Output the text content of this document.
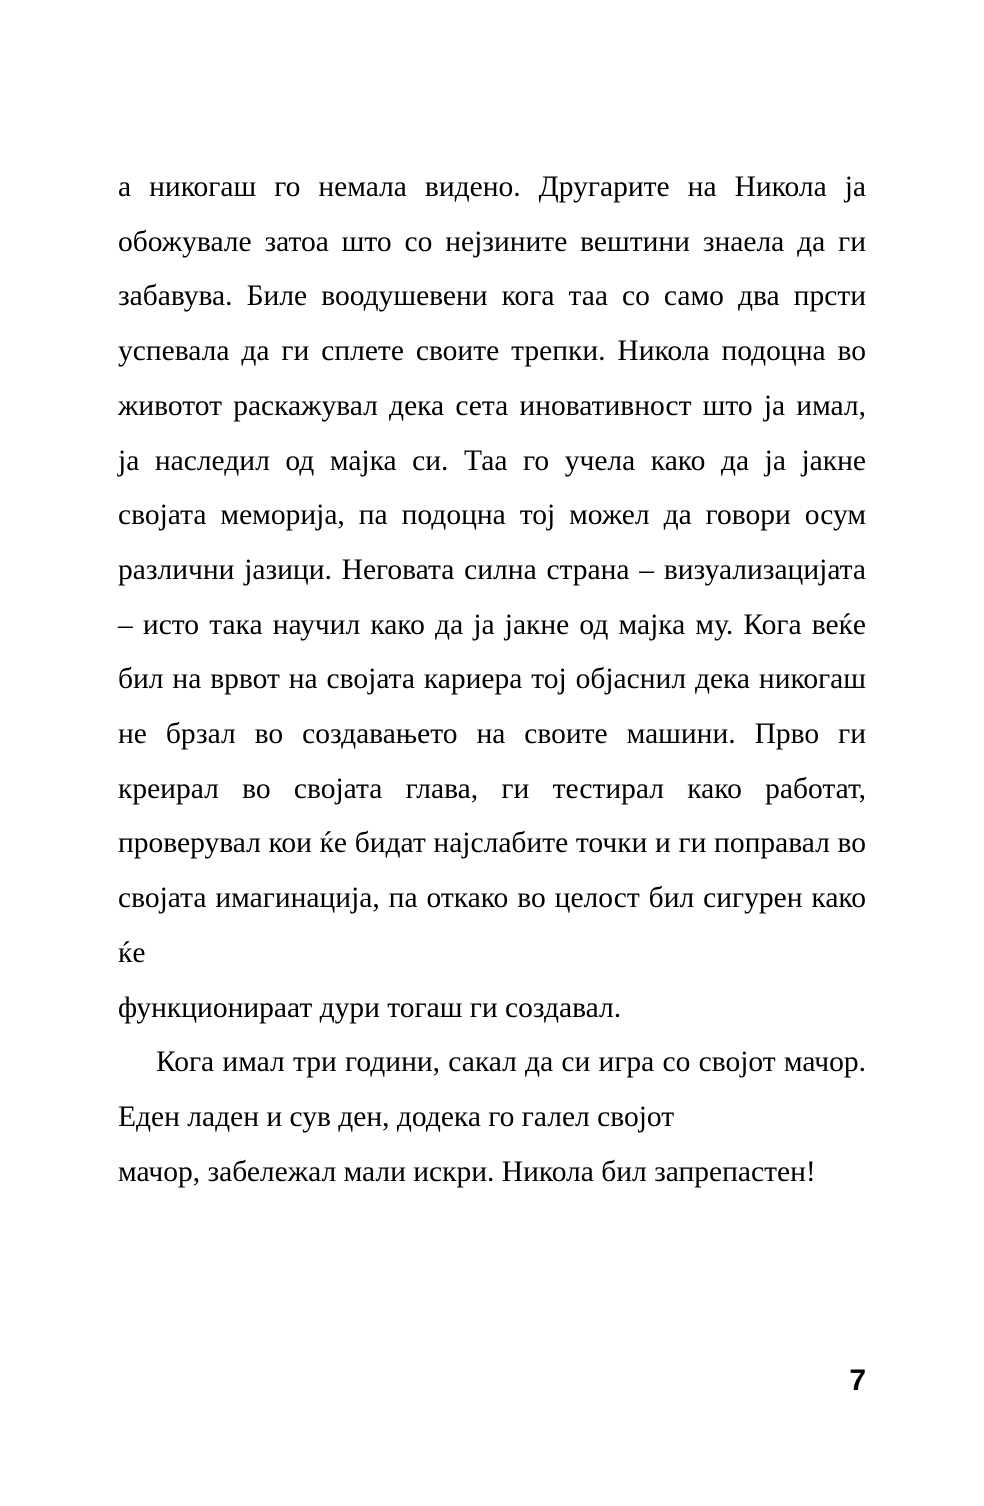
а никогаш го немала видено. Другарите на Никола ја обожувале затоа што со нејзините вештини знаела да ги забавува. Биле воодушевени кога таа со само два прсти успевала да ги сплете своите трепки. Никола подоцна во животот раскажувал дека сета иновативност што ја имал, ја наследил од мајка си. Таа го учела како да ја јакне својата меморија, па подоцна тој можел да говори осум различни јазици. Неговата силна страна – визуализацијата – исто така научил како да ја јакне од мајка му. Кога веќе бил на врвот на својата кариера тој објаснил дека никогаш не брзал во создавањето на своите машини. Прво ги креирал во својата глава, ги тестирал како работат, проверувал кои ќе бидат најслабите точки и ги поправал во својата имагинација, па откако во целост бил сигурен како ќе
функционираат дури тогаш ги создавал.

Кога имал три години, сакал да си игра со својот мачор. Еден ладен и сув ден, додека го галел својот
мачор, забележал мали искри. Никола бил запрепастен!

7
